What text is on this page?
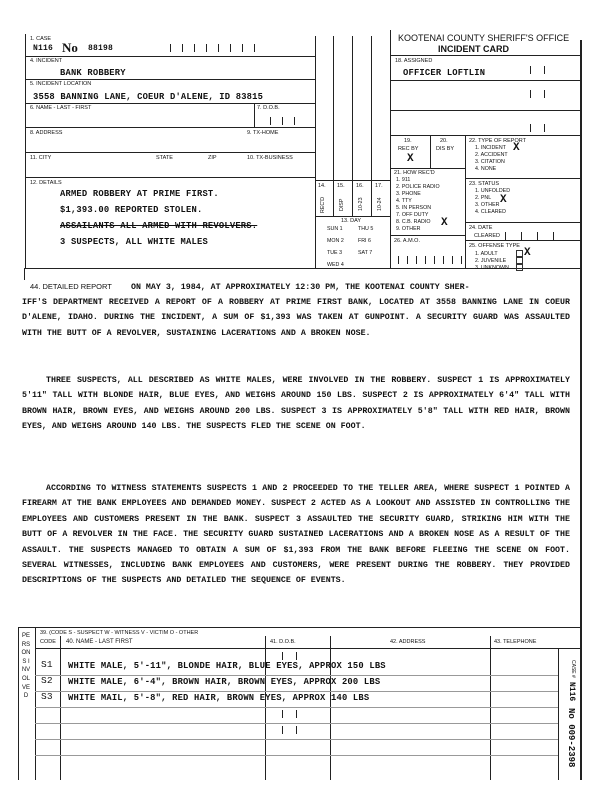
1. CASE
N116 No 88198
4. INCIDENT
BANK ROBBERY
5. INCIDENT LOCATION
3558 BANNING LANE, COEUR D'ALENE, ID 83815
6. NAME - LAST - FIRST	7. D.O.B.
8. ADDRESS	9. TX-HOME
11. CITY	STATE	ZIP	10. TX-BUSINESS
12. DETAILS
ARMED ROBBERY AT PRIME FIRST.
$1,393.00 REPORTED STOLEN.
ASSAILANTS ALL ARMED WITH REVOLVERS.
3 SUSPECTS, ALL WHITE MALES
14. 15. 16. 17.
REC'D DISP 10-23 10-24
13. DAY
SUN 1	THU 5
MON 2	FRI 6
TUE 3	SAT 7
WED 4
KOOTENAI COUNTY SHERIFF'S OFFICE
INCIDENT CARD
18. ASSIGNED
OFFICER LOFTLIN
19.	20.
REC BY	DIS BY
X
21. HOW REC'D
1. 911
2. POLICE RADIO
3. PHONE
4. TTY
5. IN PERSON
7. OFF DUTY
8. C.B. RADIO
9. OTHER X
26. A.M.O.
22. TYPE OF REPORT
1. INCIDENT
2. ACCIDENT
3. CITATION
4. NONE
X
23. STATUS
1. UNFOLDED
2. PNL
3. OTHER
4. CLEARED
X
24. DATE
CLEARED
25. OFFENSE TYPE
1. ADULT
2. JUVENILE
3. UNKNOWN
X
44. DETAILED REPORT ON MAY 3, 1984, AT APPROXIMATELY 12:30 PM, THE KOOTENAI COUNTY SHER-
IFF'S DEPARTMENT RECEIVED A REPORT OF A ROBBERY AT PRIME FIRST BANK, LOCATED AT 3558 BANNING LANE IN COEUR D'ALENE, IDAHO. DURING THE INCIDENT, A SUM OF $1,393 WAS TAKEN AT GUNPOINT. A SECURITY GUARD WAS ASSAULTED WITH THE BUTT OF A REVOLVER, SUSTAINING LACERATIONS AND A BROKEN NOSE.
THREE SUSPECTS, ALL DESCRIBED AS WHITE MALES, WERE INVOLVED IN THE ROBBERY. SUSPECT 1 IS APPROXIMATELY 5'11" TALL WITH BLONDE HAIR, BLUE EYES, AND WEIGHS AROUND 150 LBS. SUSPECT 2 IS APPROXIMATELY 6'4" TALL WITH BROWN HAIR, BROWN EYES, AND WEIGHS AROUND 200 LBS. SUSPECT 3 IS APPROXIMATELY 5'8" TALL WITH RED HAIR, BROWN EYES, AND WEIGHS AROUND 140 LBS. THE SUSPECTS FLED THE SCENE ON FOOT.
ACCORDING TO WITNESS STATEMENTS SUSPECTS 1 AND 2 PROCEEDED TO THE TELLER AREA, WHERE SUSPECT 1 POINTED A FIREARM AT THE BANK EMPLOYEES AND DEMANDED MONEY. SUSPECT 2 ACTED AS A LOOKOUT AND ASSISTED IN CONTROLLING THE EMPLOYEES AND CUSTOMERS PRESENT IN THE BANK. SUSPECT 3 ASSAULTED THE SECURITY GUARD, STRIKING HIM WITH THE BUTT OF A REVOLVER IN THE FACE. THE SECURITY GUARD SUSTAINED LACERATIONS AND A BROKEN NOSE AS A RESULT OF THE ASSAULT. THE SUSPECTS MANAGED TO OBTAIN A SUM OF $1,393 FROM THE BANK BEFORE FLEEING THE SCENE ON FOOT. SEVERAL WITNESSES, INCLUDING BANK EMPLOYEES AND CUSTOMERS, WERE PRESENT DURING THE ROBBERY. THEY PROVIDED DESCRIPTIONS OF THE SUSPECTS AND DETAILED THE SEQUENCE OF EVENTS.
PERSONS INVOLVED
39. (CODE S - SUSPECT W - WITNESS V - VICTIM O - OTHER
CODE 40. NAME - LAST FIRST	41. D.O.B.	42. ADDRESS	43. TELEPHONE
S1 WHITE MALE, 5'-11", BLONDE HAIR, BLUE EYES, APPROX 150 LBS
S2 WHITE MALE, 6'-4", BROWN HAIR, BROWN EYES, APPROX 200 LBS
S3 WHITE MAIL, 5'-8", RED HAIR, BROWN EYES, APPROX 140 LBS
CASE #
N116
No 009-2398
